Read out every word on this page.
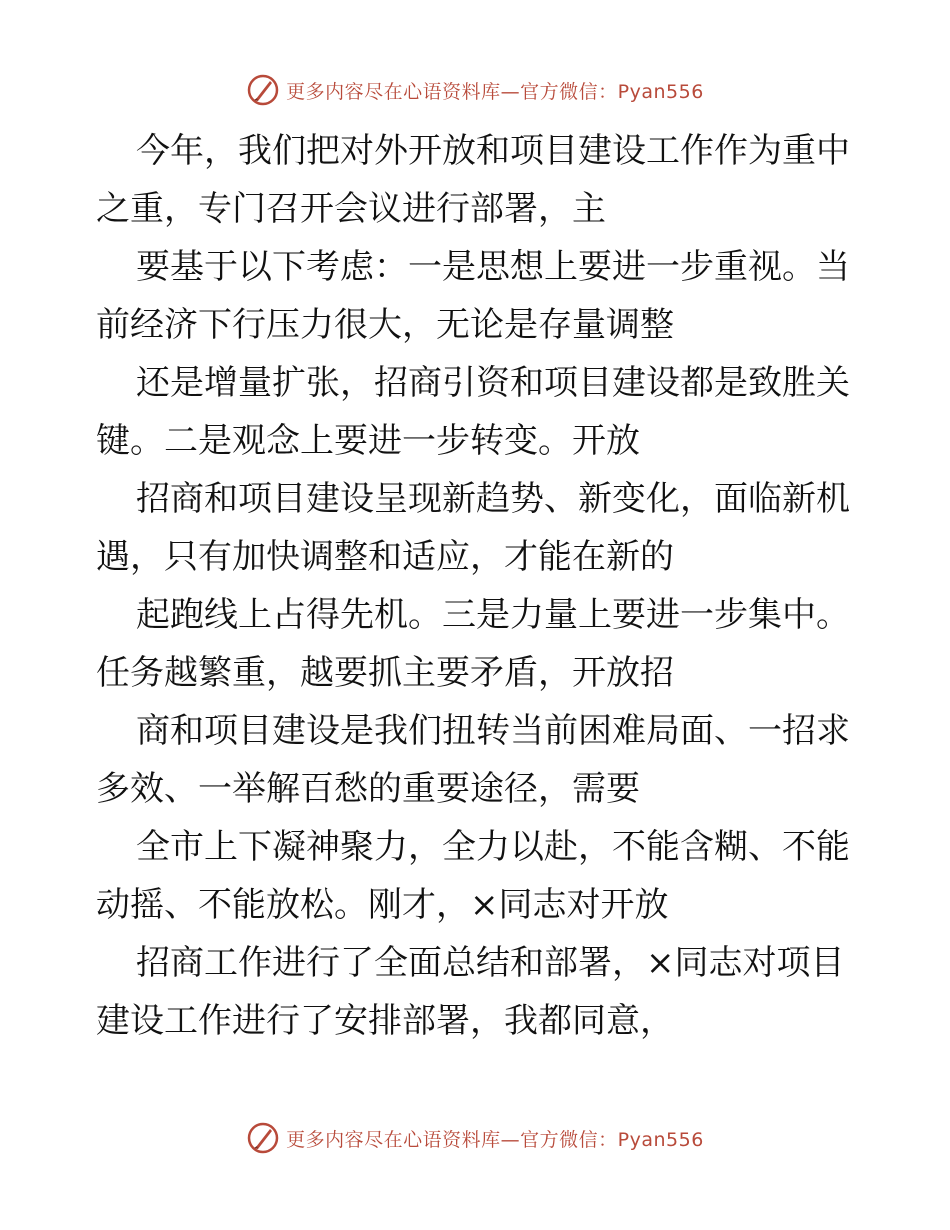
更多内容尽在心语资料库—官方微信：Pyan556

今年，我们把对外开放和项目建设工作作为重中之重，专门召开会议进行部署，主

要基于以下考虑：一是思想上要进一步重视。当前经济下行压力很大，无论是存量调整

还是增量扩张，招商引资和项目建设都是致胜关键。二是观念上要进一步转变。开放

招商和项目建设呈现新趋势、新变化，面临新机遇，只有加快调整和适应，才能在新的

起跑线上占得先机。三是力量上要进一步集中。任务越繁重，越要抓主要矛盾，开放招

商和项目建设是我们扭转当前困难局面、一招求多效、一举解百愁的重要途径，需要

全市上下凝神聚力，全力以赴，不能含糊、不能动摇、不能放松。刚才，×同志对开放

招商工作进行了全面总结和部署，×同志对项目建设工作进行了安排部署，我都同意，

更多内容尽在心语资料库—官方微信：Pyan556
